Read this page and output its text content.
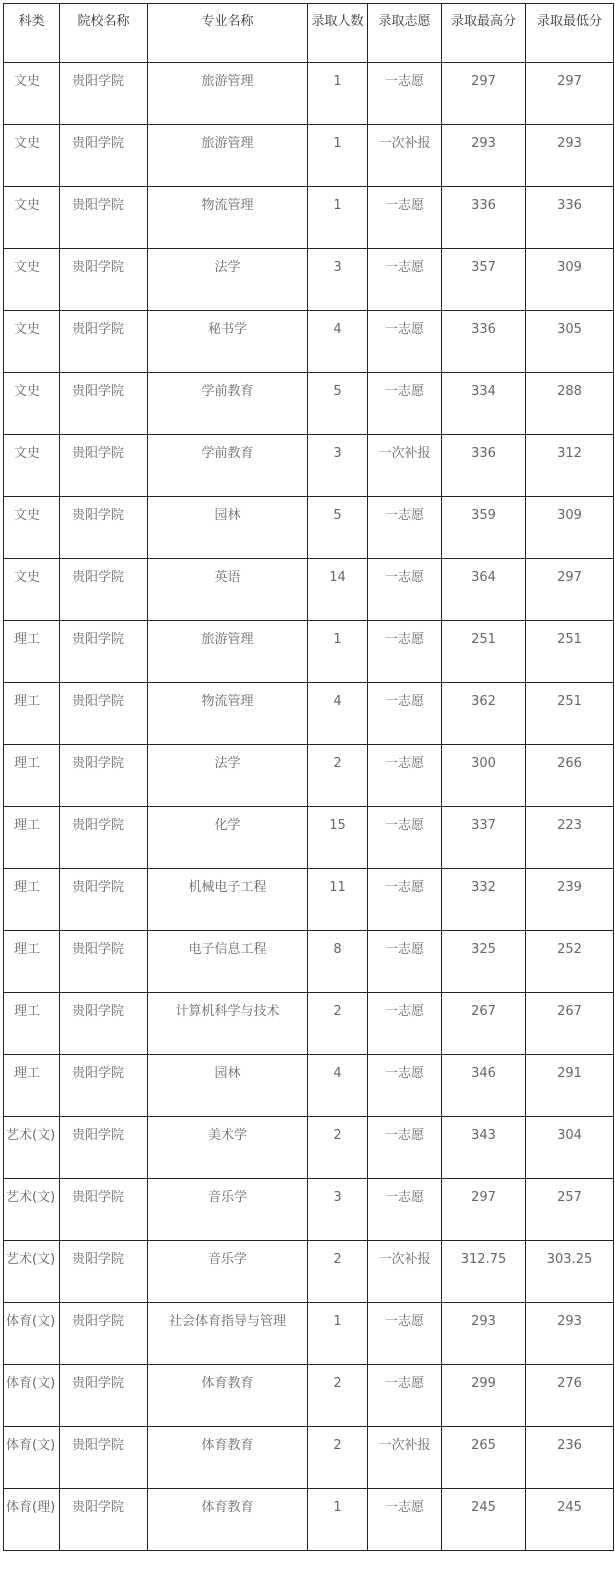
科类	院校名称	专业名称	录取人数	录取志愿	录取最高分	录取最低分
文史	贵阳学院	旅游管理	1	一志愿	297	297
文史	贵阳学院	旅游管理	1	一次补报	293	293
文史	贵阳学院	物流管理	1	一志愿	336	336
文史	贵阳学院	法学	3	一志愿	357	309
文史	贵阳学院	秘书学	4	一志愿	336	305
文史	贵阳学院	学前教育	5	一志愿	334	288
文史	贵阳学院	学前教育	3	一次补报	336	312
文史	贵阳学院	园林	5	一志愿	359	309
文史	贵阳学院	英语	14	一志愿	364	297
理工	贵阳学院	旅游管理	1	一志愿	251	251
理工	贵阳学院	物流管理	4	一志愿	362	251
理工	贵阳学院	法学	2	一志愿	300	266
理工	贵阳学院	化学	15	一志愿	337	223
理工	贵阳学院	机械电子工程	11	一志愿	332	239
理工	贵阳学院	电子信息工程	8	一志愿	325	252
理工	贵阳学院	计算机科学与技术	2	一志愿	267	267
理工	贵阳学院	园林	4	一志愿	346	291
艺术(文)	贵阳学院	美术学	2	一志愿	343	304
艺术(文)	贵阳学院	音乐学	3	一志愿	297	257
艺术(文)	贵阳学院	音乐学	2	一次补报	312.75	303.25
体育(文)	贵阳学院	社会体育指导与管理	1	一志愿	293	293
体育(文)	贵阳学院	体育教育	2	一志愿	299	276
体育(文)	贵阳学院	体育教育	2	一次补报	265	236
体育(理)	贵阳学院	体育教育	1	一志愿	245	245
